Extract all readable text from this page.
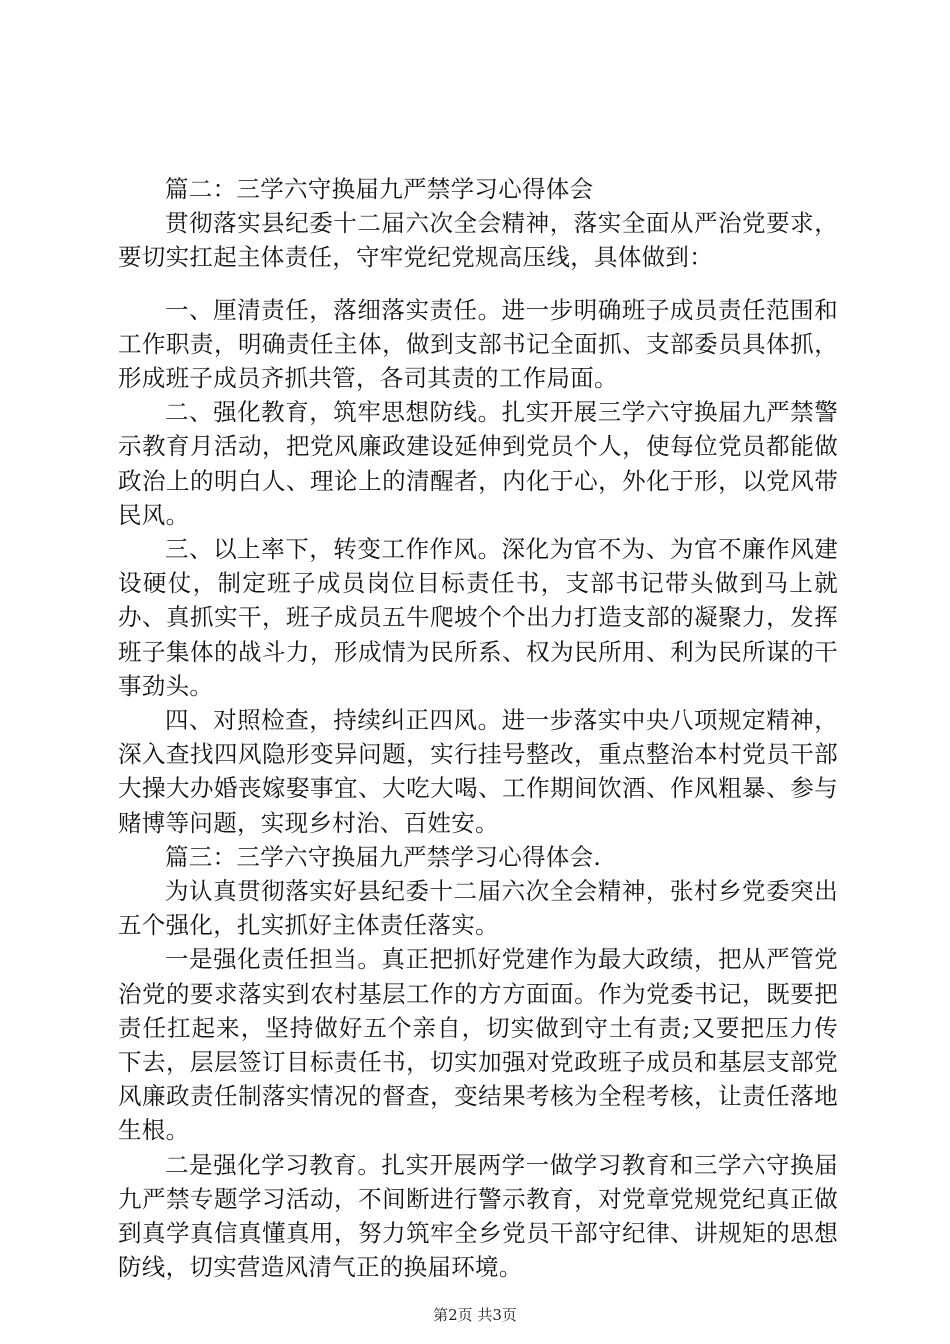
篇二：三学六守换届九严禁学习心得体会

贯彻落实县纪委十二届六次全会精神，落实全面从严治党要求，要切实扛起主体责任，守牢党纪党规高压线，具体做到：

一、厘清责任，落细落实责任。进一步明确班子成员责任范围和工作职责，明确责任主体，做到支部书记全面抓、支部委员具体抓，形成班子成员齐抓共管，各司其责的工作局面。

二、强化教育，筑牢思想防线。扎实开展三学六守换届九严禁警示教育月活动，把党风廉政建设延伸到党员个人，使每位党员都能做政治上的明白人、理论上的清醒者，内化于心，外化于形，以党风带民风。

三、以上率下，转变工作作风。深化为官不为、为官不廉作风建设硬仗，制定班子成员岗位目标责任书，支部书记带头做到马上就办、真抓实干，班子成员五牛爬坡个个出力打造支部的凝聚力，发挥班子集体的战斗力，形成情为民所系、权为民所用、利为民所谋的干事劲头。

四、对照检查，持续纠正四风。进一步落实中央八项规定精神，深入查找四风隐形变异问题，实行挂号整改，重点整治本村党员干部大操大办婚丧嫁娶事宜、大吃大喝、工作期间饮酒、作风粗暴、参与赌博等问题，实现乡村治、百姓安。

篇三：三学六守换届九严禁学习心得体会.

为认真贯彻落实好县纪委十二届六次全会精神，张村乡党委突出五个强化，扎实抓好主体责任落实。

一是强化责任担当。真正把抓好党建作为最大政绩，把从严管党治党的要求落实到农村基层工作的方方面面。作为党委书记，既要把责任扛起来，坚持做好五个亲自，切实做到守土有责;又要把压力传下去，层层签订目标责任书，切实加强对党政班子成员和基层支部党风廉政责任制落实情况的督查，变结果考核为全程考核，让责任落地生根。

二是强化学习教育。扎实开展两学一做学习教育和三学六守换届九严禁专题学习活动，不间断进行警示教育，对党章党规党纪真正做到真学真信真懂真用，努力筑牢全乡党员干部守纪律、讲规矩的思想防线，切实营造风清气正的换届环境。

第2页 共3页
